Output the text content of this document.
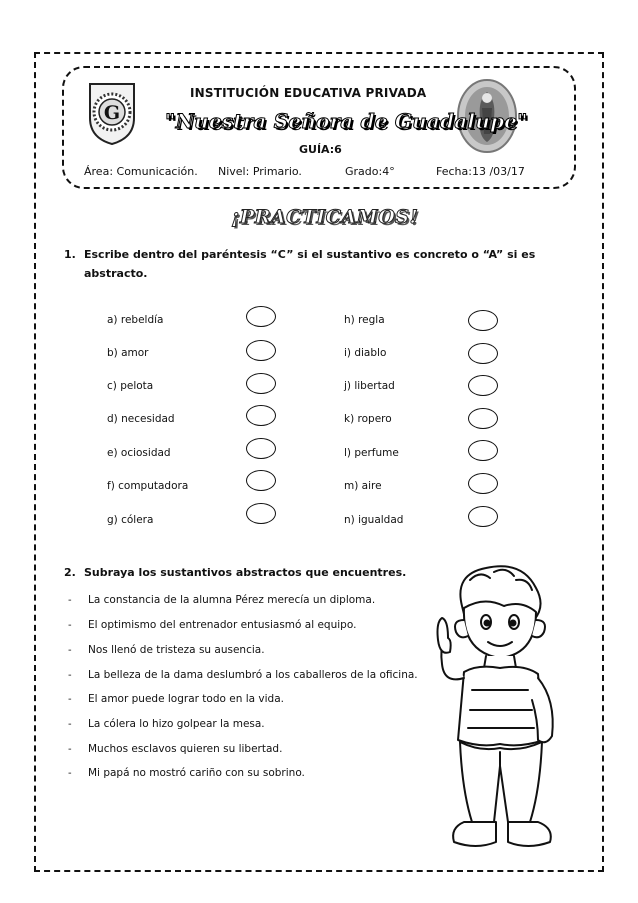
G
INSTITUCIÓN EDUCATIVA PRIVADA
"Nuestra Señora de Guadalupe"
GUÍA:6
Área: Comunicación. Nivel: Primario.	Grado:4°	Fecha:13 /03/17
¡PRACTICAMOS!
1. Escribe dentro del paréntesis “C” si el sustantivo es concreto o “A” si es
abstracto.
a) rebeldía
b) amor
c) pelota
d) necesidad
e) ociosidad
f) computadora
g) cólera
h) regla
i) diablo
j) libertad
k) ropero
l) perfume
m) aire
n) igualdad
2. Subraya los sustantivos abstractos que encuentres.
-
-
-
-
-
-
-
-
La constancia de la alumna Pérez merecía un diploma.
El optimismo del entrenador entusiasmó al equipo.
Nos llenó de tristeza su ausencia.
La belleza de la dama deslumbró a los caballeros de la oficina.
El amor puede lograr todo en la vida.
La cólera lo hizo golpear la mesa.
Muchos esclavos quieren su libertad.
Mi papá no mostró cariño con su sobrino.
